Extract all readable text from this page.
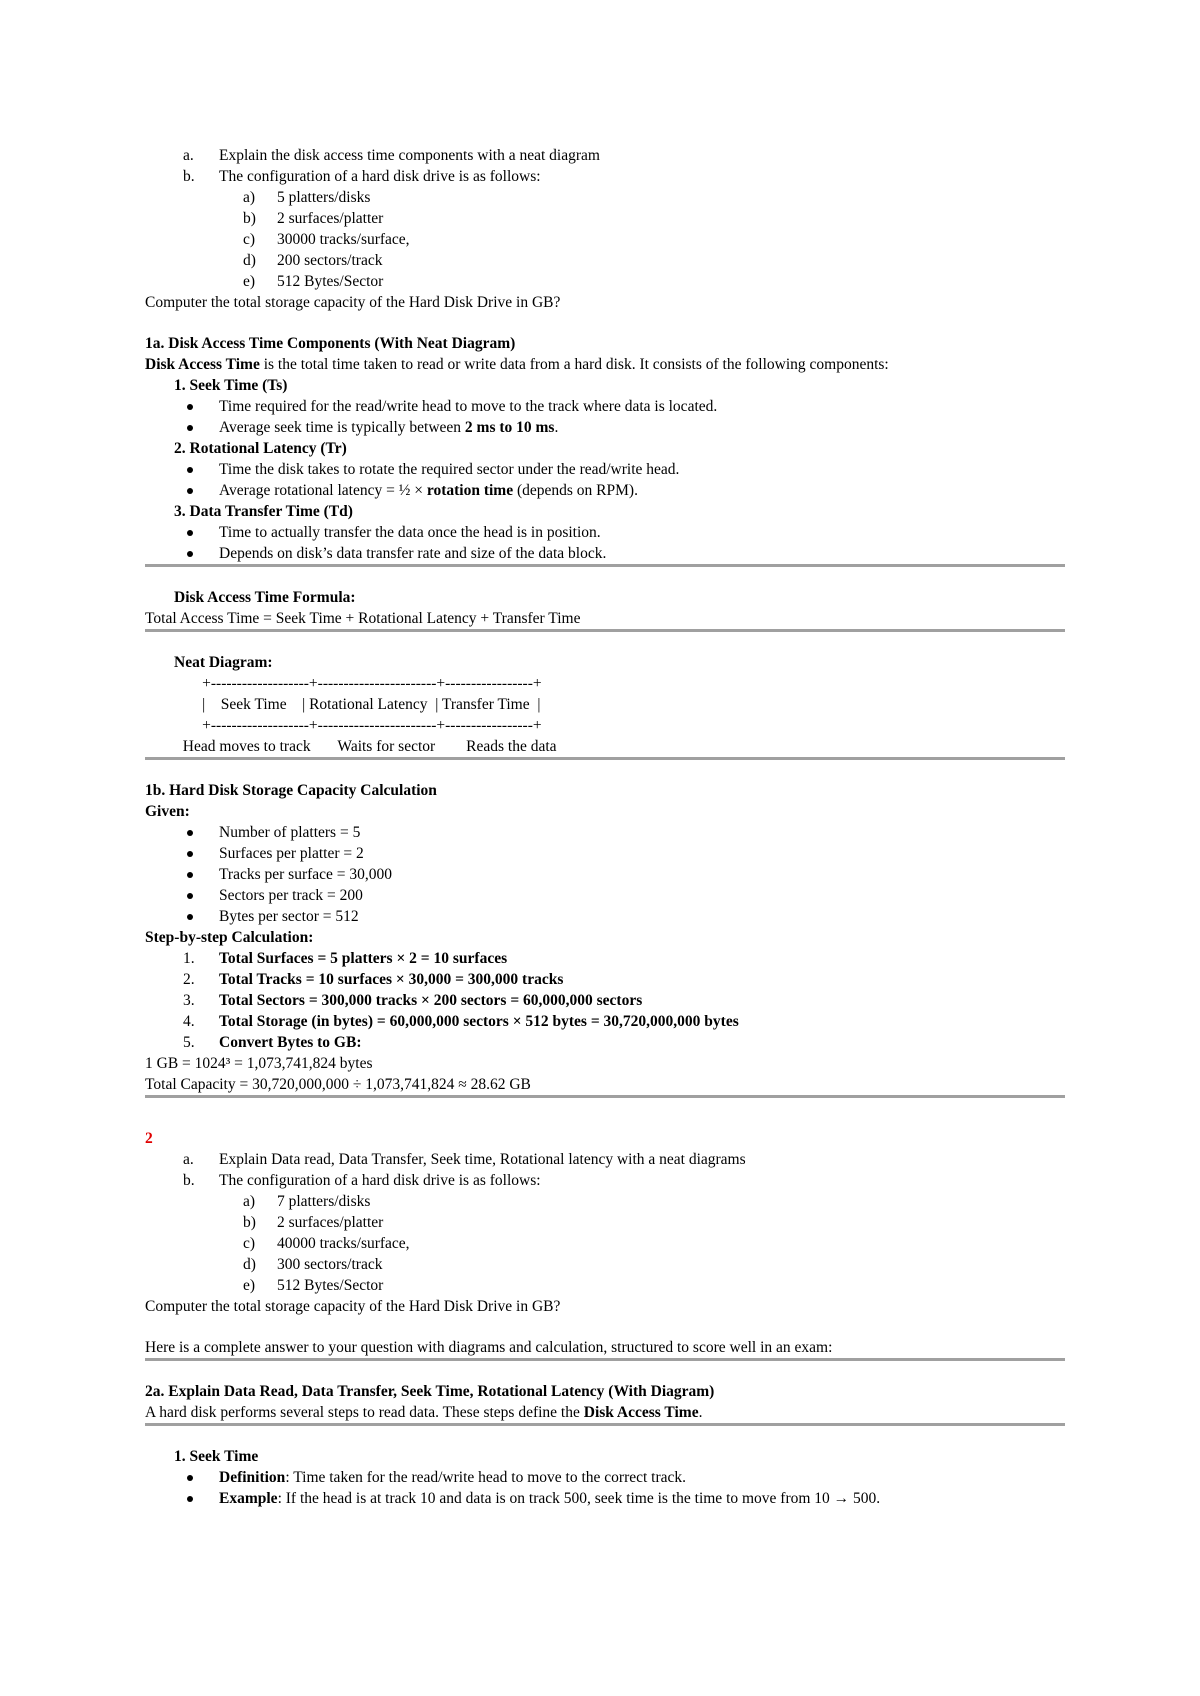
a. Explain the disk access time components with a neat diagram

b. The configuration of a hard disk drive is as follows:

a) 5 platters/disks

b) 2 surfaces/platter

c) 30000 tracks/surface,

d) 200 sectors/track

e) 512 Bytes/Sector

Computer the total storage capacity of the Hard Disk Drive in GB?

1a. Disk Access Time Components (With Neat Diagram)

Disk Access Time is the total time taken to read or write data from a hard disk. It consists of the following components:

1. Seek Time (Ts)

Time required for the read/write head to move to the track where data is located.

Average seek time is typically between 2 ms to 10 ms.

2. Rotational Latency (Tr)

Time the disk takes to rotate the required sector under the read/write head.

Average rotational latency = ½ × rotation time (depends on RPM).

3. Data Transfer Time (Td)

Time to actually transfer the data once the head is in position.

Depends on disk’s data transfer rate and size of the data block.

Disk Access Time Formula:

Total Access Time = Seek Time + Rotational Latency + Transfer Time

Neat Diagram:

+-------------------+-----------------------+-----------------+
|    Seek Time    | Rotational Latency  | Transfer Time  |
+-------------------+-----------------------+-----------------+
Head moves to track       Waits for sector        Reads the data

1b. Hard Disk Storage Capacity Calculation

Given:

Number of platters = 5

Surfaces per platter = 2

Tracks per surface = 30,000

Sectors per track = 200

Bytes per sector = 512

Step-by-step Calculation:

1. Total Surfaces = 5 platters × 2 = 10 surfaces

2. Total Tracks = 10 surfaces × 30,000 = 300,000 tracks

3. Total Sectors = 300,000 tracks × 200 sectors = 60,000,000 sectors

4. Total Storage (in bytes) = 60,000,000 sectors × 512 bytes = 30,720,000,000 bytes

5. Convert Bytes to GB:

1 GB = 1024³ = 1,073,741,824 bytes

Total Capacity = 30,720,000,000 ÷ 1,073,741,824 ≈ 28.62 GB

2

a. Explain Data read, Data Transfer, Seek time, Rotational latency with a neat diagrams

b. The configuration of a hard disk drive is as follows:

a) 7 platters/disks

b) 2 surfaces/platter

c) 40000 tracks/surface,

d) 300 sectors/track

e) 512 Bytes/Sector

Computer the total storage capacity of the Hard Disk Drive in GB?

Here is a complete answer to your question with diagrams and calculation, structured to score well in an exam:

2a. Explain Data Read, Data Transfer, Seek Time, Rotational Latency (With Diagram)

A hard disk performs several steps to read data. These steps define the Disk Access Time.

1. Seek Time

Definition: Time taken for the read/write head to move to the correct track.

Example: If the head is at track 10 and data is on track 500, seek time is the time to move from 10 → 500.
